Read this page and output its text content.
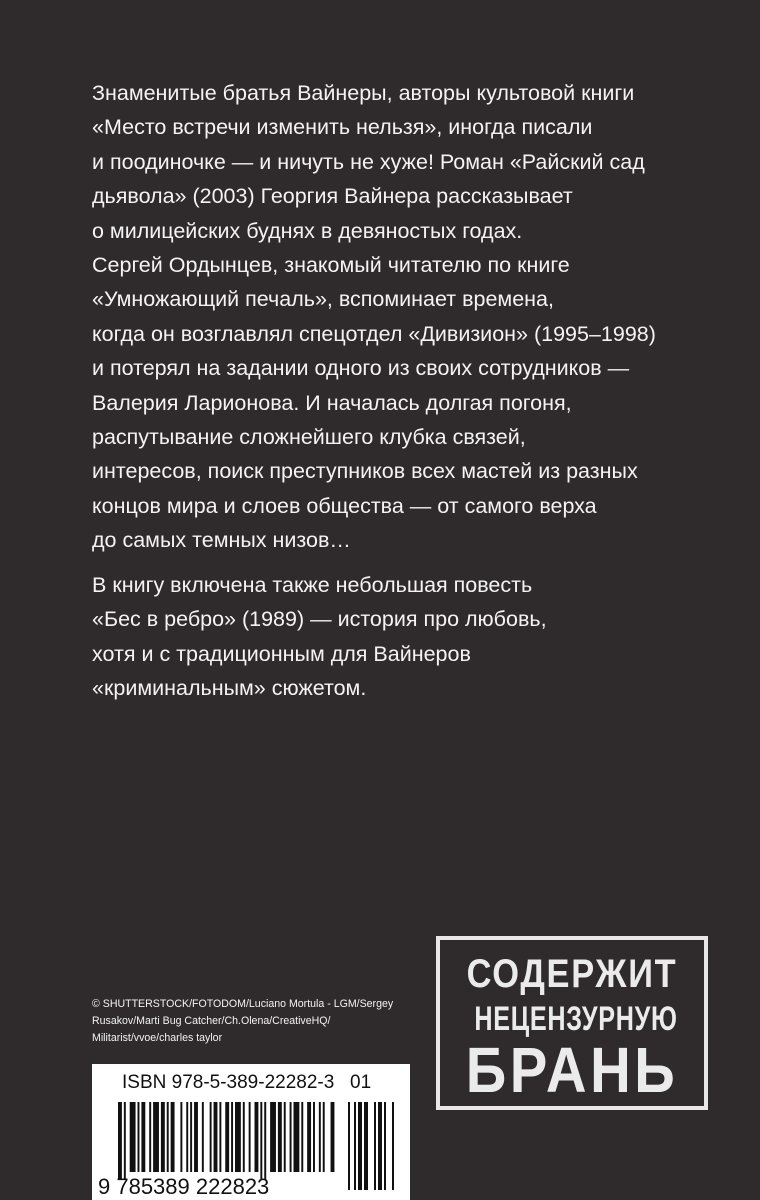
Знаменитые братья Вайнеры, авторы культовой книги
«Место встречи изменить нельзя», иногда писали
и поодиночке — и ничуть не хуже! Роман «Райский сад
дьявола» (2003) Георгия Вайнера рассказывает
о милицейских буднях в девяностых годах.
Сергей Ордынцев, знакомый читателю по книге
«Умножающий печаль», вспоминает времена,
когда он возглавлял спецотдел «Дивизион» (1995–1998)
и потерял на задании одного из своих сотрудников —
Валерия Ларионова. И началась долгая погоня,
распутывание сложнейшего клубка связей,
интересов, поиск преступников всех мастей из разных
концов мира и слоев общества — от самого верха
до самых темных низов…
В книгу включена также небольшая повесть
«Бес в ребро» (1989) — история про любовь,
хотя и с традиционным для Вайнеров
«криминальным» сюжетом.
© SHUTTERSTOCK/FOTODOM/Luciano Mortula - LGM/Sergey
Rusakov/Marti Bug Catcher/Ch.Olena/CreativeHQ/
Militarist/vvoe/charles taylor
ISBN 978-5-389-22282-3 01
9 785389 222823
СОДЕРЖИТ
НЕЦЕНЗУРНУЮ
БРАНЬ
